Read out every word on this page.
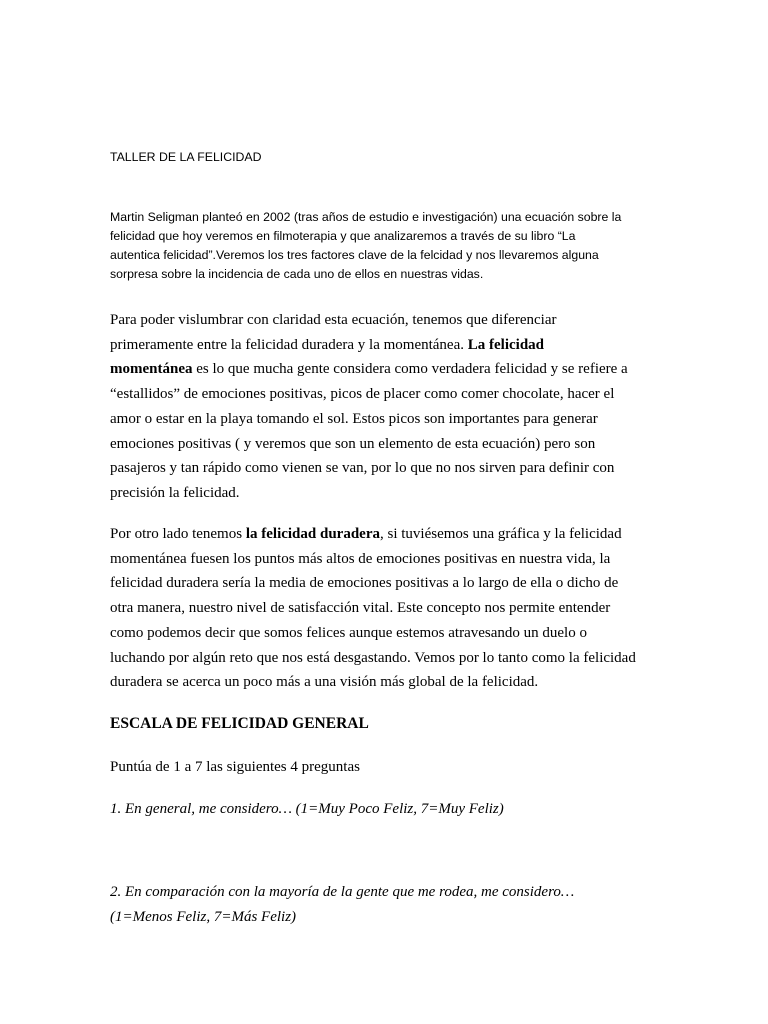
TALLER DE LA FELICIDAD

Martin Seligman planteó en 2002 (tras años de estudio e investigación) una ecuación sobre la
felicidad que hoy veremos en filmoterapia y que analizaremos a través de su libro “La
autentica felicidad”.Veremos los tres factores clave de la felcidad y nos llevaremos alguna
sorpresa sobre la incidencia de cada uno de ellos en nuestras vidas.

Para poder vislumbrar con claridad esta ecuación, tenemos que diferenciar
primeramente entre la felicidad duradera y la momentánea. La felicidad
momentánea es lo que mucha gente considera como verdadera felicidad y se refiere a
“estallidos” de emociones positivas, picos de placer como comer chocolate, hacer el
amor o estar en la playa tomando el sol. Estos picos son importantes para generar
emociones positivas ( y veremos que son un elemento de esta ecuación) pero son
pasajeros y tan rápido como vienen se van, por lo que no nos sirven para definir con
precisión la felicidad.

Por otro lado tenemos la felicidad duradera, si tuviésemos una gráfica y la felicidad
momentánea fuesen los puntos más altos de emociones positivas en nuestra vida, la
felicidad duradera sería la media de emociones positivas a lo largo de ella o dicho de
otra manera, nuestro nivel de satisfacción vital. Este concepto nos permite entender
como podemos decir que somos felices aunque estemos atravesando un duelo o
luchando por algún reto que nos está desgastando. Vemos por lo tanto como la felicidad
duradera se acerca un poco más a una visión más global de la felicidad.

ESCALA DE FELICIDAD GENERAL

Puntúa de 1 a 7 las siguientes 4 preguntas

1. En general, me considero… (1=Muy Poco Feliz, 7=Muy Feliz)

2. En comparación con la mayoría de la gente que me rodea, me considero…
(1=Menos Feliz, 7=Más Feliz)
